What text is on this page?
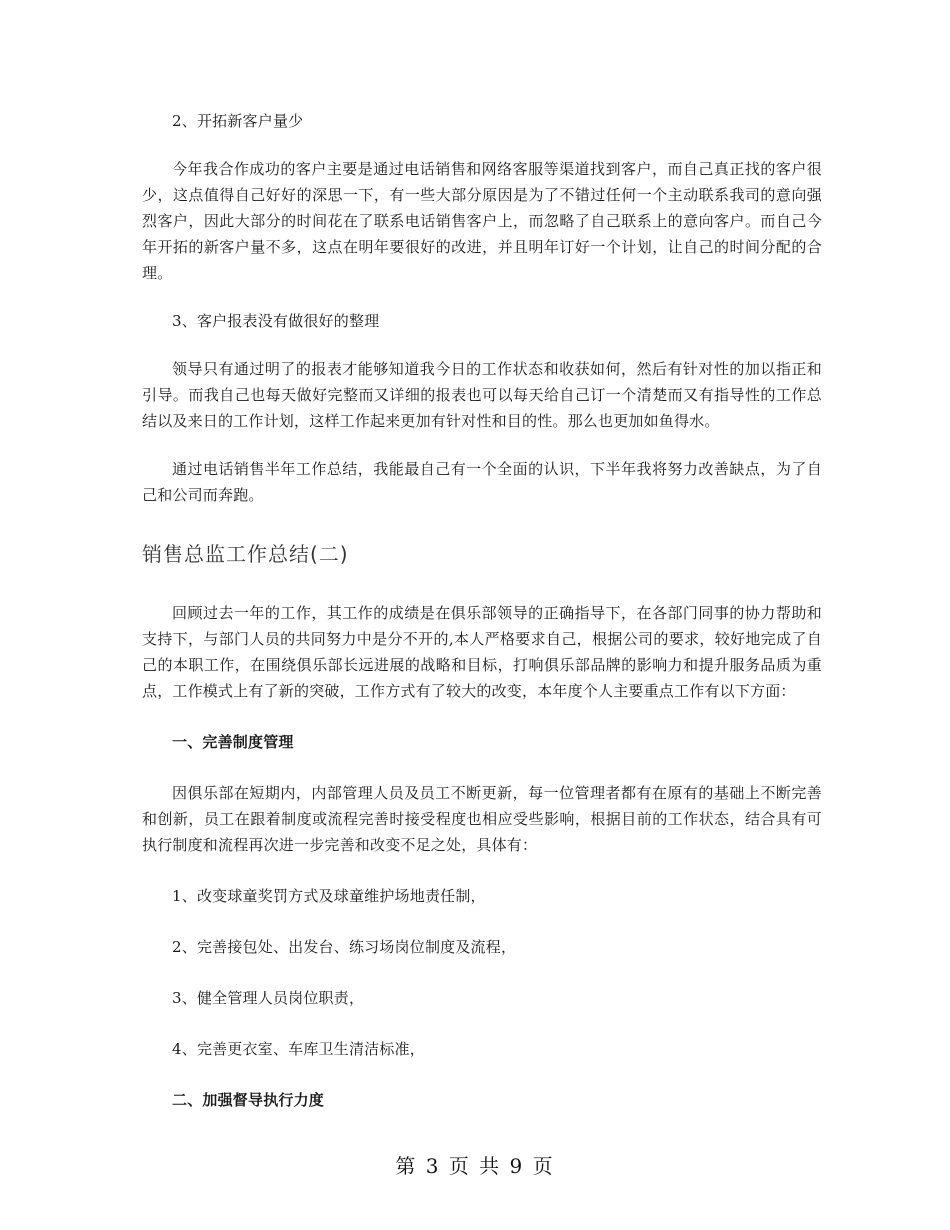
2、开拓新客户量少

今年我合作成功的客户主要是通过电话销售和网络客服等渠道找到客户，而自己真正找的客户很少，这点值得自己好好的深思一下，有一些大部分原因是为了不错过任何一个主动联系我司的意向强烈客户，因此大部分的时间花在了联系电话销售客户上，而忽略了自己联系上的意向客户。而自己今年开拓的新客户量不多，这点在明年要很好的改进，并且明年订好一个计划，让自己的时间分配的合理。

3、客户报表没有做很好的整理

领导只有通过明了的报表才能够知道我今日的工作状态和收获如何，然后有针对性的加以指正和引导。而我自己也每天做好完整而又详细的报表也可以每天给自己订一个清楚而又有指导性的工作总结以及来日的工作计划，这样工作起来更加有针对性和目的性。那么也更加如鱼得水。

通过电话销售半年工作总结，我能最自己有一个全面的认识，下半年我将努力改善缺点，为了自己和公司而奔跑。

销售总监工作总结(二)

回顾过去一年的工作，其工作的成绩是在俱乐部领导的正确指导下，在各部门同事的协力帮助和支持下，与部门人员的共同努力中是分不开的,本人严格要求自己，根据公司的要求，较好地完成了自己的本职工作，在围绕俱乐部长远进展的战略和目标，打响俱乐部品牌的影响力和提升服务品质为重点，工作模式上有了新的突破，工作方式有了较大的改变，本年度个人主要重点工作有以下方面：

一、完善制度管理

因俱乐部在短期内，内部管理人员及员工不断更新，每一位管理者都有在原有的基础上不断完善和创新，员工在跟着制度或流程完善时接受程度也相应受些影响，根据目前的工作状态，结合具有可执行制度和流程再次进一步完善和改变不足之处，具体有：

1、改变球童奖罚方式及球童维护场地责任制，

2、完善接包处、出发台、练习场岗位制度及流程，

3、健全管理人员岗位职责，

4、完善更衣室、车库卫生清洁标准，

二、加强督导执行力度

第 3 页 共 9 页
